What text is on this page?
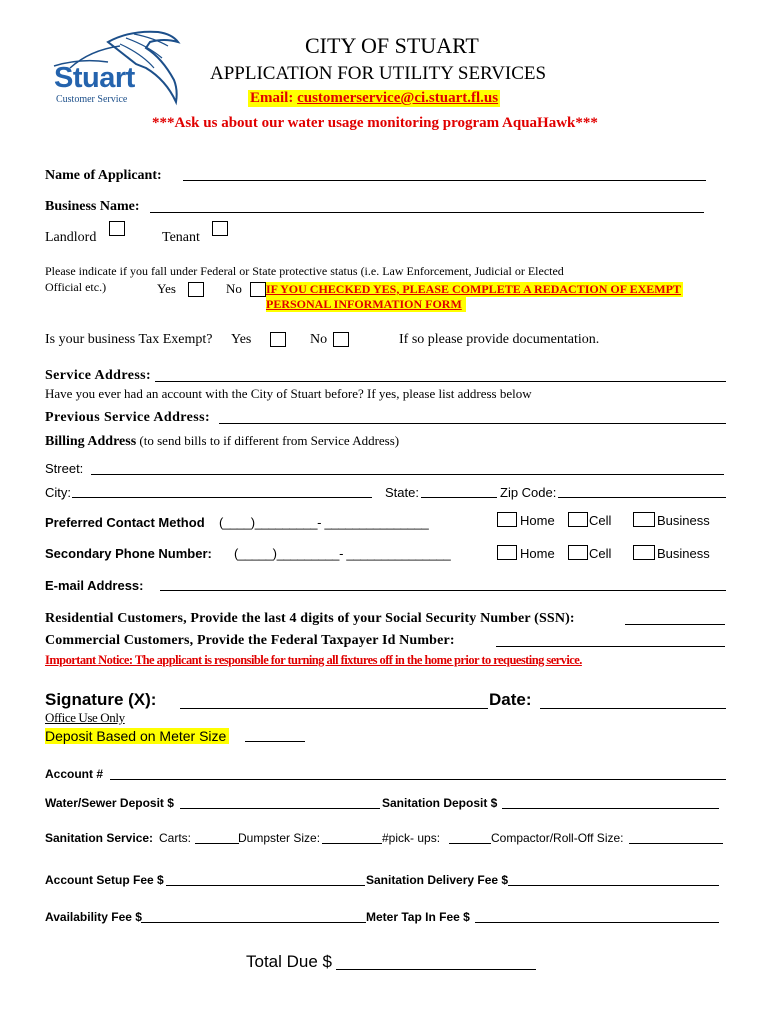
Stuart
Customer Service
CITY OF STUART
APPLICATION FOR UTILITY SERVICES
Email: customerservice@ci.stuart.fl.us
***Ask us about our water usage monitoring program AquaHawk***
Name of Applicant:
Business Name:
Landlord	Tenant
Please indicate if you fall under Federal or State protective status (i.e. Law Enforcement, Judicial or Elected
Official etc.)	Yes	No IF YOU CHECKED YES, PLEASE COMPLETE A REDACTION OF EXEMPT
PERSONAL INFORMATION FORM
Is your business Tax Exempt? Yes	No	If so please provide documentation.
Service Address:
Have you ever had an account with the City of Stuart before? If yes, please list address below
Previous Service Address:
Billing Address (to send bills to if different from Service Address)
Street:
City:	State:	Zip Code:
Preferred Contact Method (____)_________- _______________	Home	Cell	Business
Secondary Phone Number: (_____)_________- _______________	Home	Cell	Business
E-mail Address:
Residential Customers, Provide the last 4 digits of your Social Security Number (SSN):
Commercial Customers, Provide the Federal Taxpayer Id Number:
Important Notice: The applicant is responsible for turning all fixtures off in the home prior to requesting service.
Signature (X):	Date:
Office Use Only
Deposit Based on Meter Size
Account #
Water/Sewer Deposit $	Sanitation Deposit $
Sanitation Service: Carts:	Dumpster Size:	#pick- ups:	Compactor/Roll-Off Size:
Account Setup Fee $	Sanitation Delivery Fee $
Availability Fee $	Meter Tap In Fee $
Total Due $
